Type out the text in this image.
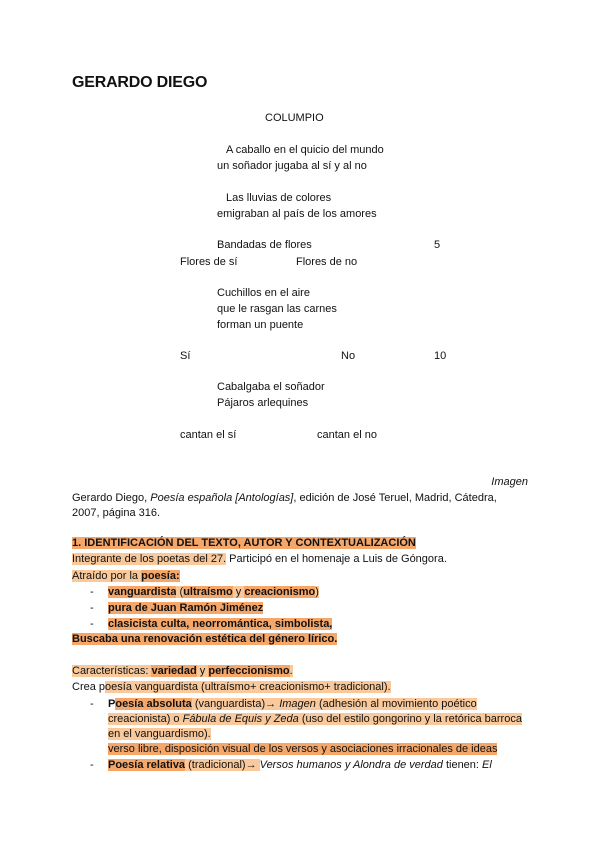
GERARDO DIEGO
COLUMPIO
A caballo en el quicio del mundo
un soñador jugaba al sí y al no
Las lluvias de colores
emigraban al país de los amores
Bandadas de flores	5
Flores de sí	Flores de no
Cuchillos en el aire
que le rasgan las carnes
forman un puente
Sí	No	10
Cabalgaba el soñador
Pájaros arlequines
cantan el sí	cantan el no
Imagen
Gerardo Diego, Poesía española [Antologías], edición de José Teruel, Madrid, Cátedra,
2007, página 316.
1. IDENTIFICACIÓN DEL TEXTO, AUTOR Y CONTEXTUALIZACIÓN
Integrante de los poetas del 27. Participó en el homenaje a Luis de Góngora.
Atraído por la poesía:
- vanguardista (ultraísmo y creacionismo)
- pura de Juan Ramón Jiménez
- clasicista culta, neorromántica, simbolista,
Buscaba una renovación estética del género lírico.
Características: variedad y perfeccionismo.
Crea poesía vanguardista (ultraísmo+ creacionismo+ tradicional).
- Poesía absoluta (vanguardista)→ Imagen (adhesión al movimiento poético
creacionista) o Fábula de Equis y Zeda (uso del estilo gongorino y la retórica barroca
en el vanguardismo).
verso libre, disposición visual de los versos y asociaciones irracionales de ideas
- Poesía relativa (tradicional)→ Versos humanos y Alondra de verdad tienen: El
